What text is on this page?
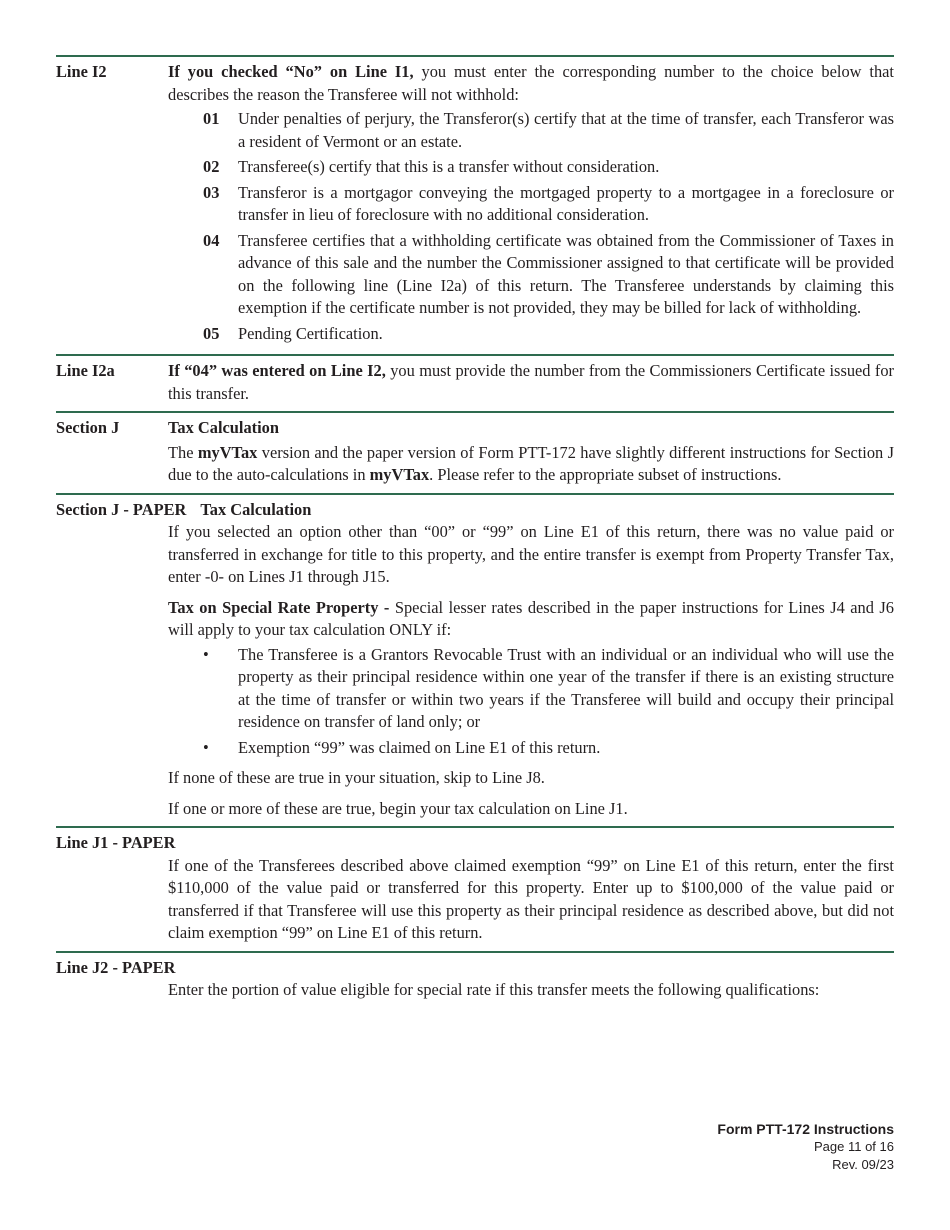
Line I2	If you checked “No” on Line I1, you must enter the corresponding number to the choice below that describes the reason the Transferee will not withhold:

01	Under penalties of perjury, the Transferor(s) certify that at the time of transfer, each Transferor was a resident of Vermont or an estate.
02	Transferee(s) certify that this is a transfer without consideration.
03	Transferor is a mortgagor conveying the mortgaged property to a mortgagee in a foreclosure or transfer in lieu of foreclosure with no additional consideration.
04	Transferee certifies that a withholding certificate was obtained from the Commissioner of Taxes in advance of this sale and the number the Commissioner assigned to that certificate will be provided on the following line (Line I2a) of this return. The Transferee understands by claiming this exemption if the certificate number is not provided, they may be billed for lack of withholding.
05	Pending Certification.
Line I2a	If “04” was entered on Line I2, you must provide the number from the Commissioners Certificate issued for this transfer.

Section J	Tax Calculation

The myVTax version and the paper version of Form PTT-172 have slightly different instructions for Section J due to the auto-calculations in myVTax. Please refer to the appropriate subset of instructions.

Section J - PAPER Tax Calculation

If you selected an option other than “00” or “99” on Line E1 of this return, there was no value paid or transferred in exchange for title to this property, and the entire transfer is exempt from Property Transfer Tax, enter -0- on Lines J1 through J15.

Tax on Special Rate Property - Special lesser rates described in the paper instructions for Lines J4 and J6 will apply to your tax calculation ONLY if:

•	The Transferee is a Grantors Revocable Trust with an individual or an individual who will use the property as their principal residence within one year of the transfer if there is an existing structure at the time of transfer or within two years if the Transferee will build and occupy their principal residence on transfer of land only; or
•	Exemption “99” was claimed on Line E1 of this return.

If none of these are true in your situation, skip to Line J8.

If one or more of these are true, begin your tax calculation on Line J1.

Line J1 - PAPER

If one of the Transferees described above claimed exemption “99” on Line E1 of this return, enter the first $110,000 of the value paid or transferred for this property. Enter up to $100,000 of the value paid or transferred if that Transferee will use this property as their principal residence as described above, but did not claim exemption “99” on Line E1 of this return.

Line J2 - PAPER

Enter the portion of value eligible for special rate if this transfer meets the following qualifications:
Form PTT-172 Instructions
Page 11 of 16
Rev. 09/23
